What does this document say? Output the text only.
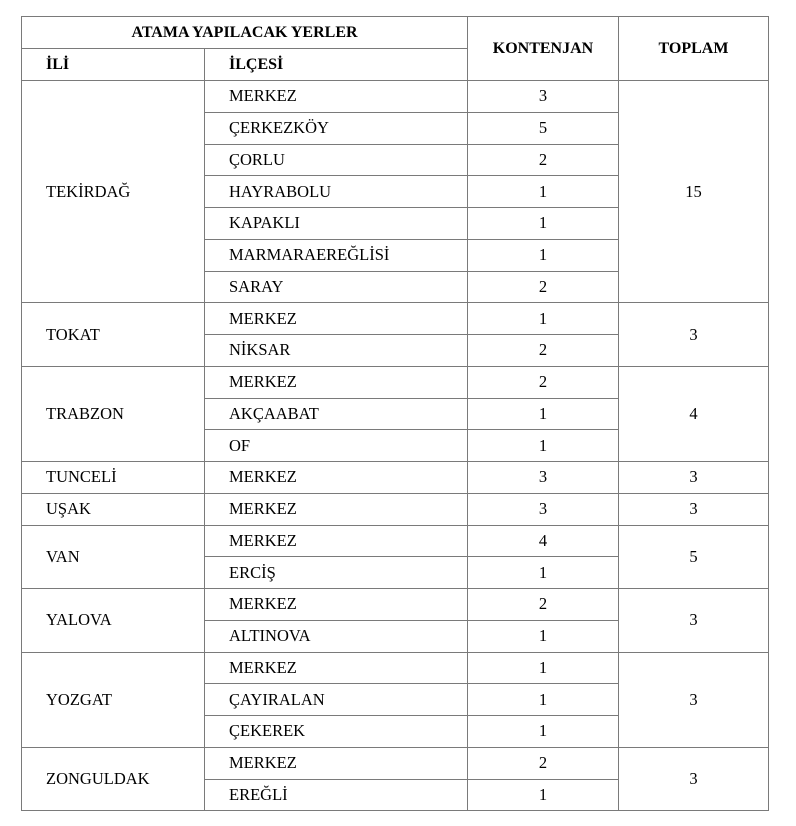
ATAMA YAPILACAK YERLER		KONTENJAN	TOPLAM
İLİ	İLÇESİ		
TEKİRDAĞ	MERKEZ	3	15
	ÇERKEZKÖY	5	
	ÇORLU	2	
	HAYRABOLU	1	
	KAPAKLI	1	
	MARMARAEREĞLİSİ	1	
	SARAY	2	
TOKAT	MERKEZ	1	3
	NİKSAR	2	
TRABZON	MERKEZ	2	4
	AKÇAABAT	1	
	OF	1	
TUNCELİ	MERKEZ	3	3
UŞAK	MERKEZ	3	3
VAN	MERKEZ	4	5
	ERCİŞ	1	
YALOVA	MERKEZ	2	3
	ALTINOVA	1	
YOZGAT	MERKEZ	1	3
	ÇAYIRALAN	1	
	ÇEKEREK	1	
ZONGULDAK	MERKEZ	2	3
	EREĞLİ	1	
